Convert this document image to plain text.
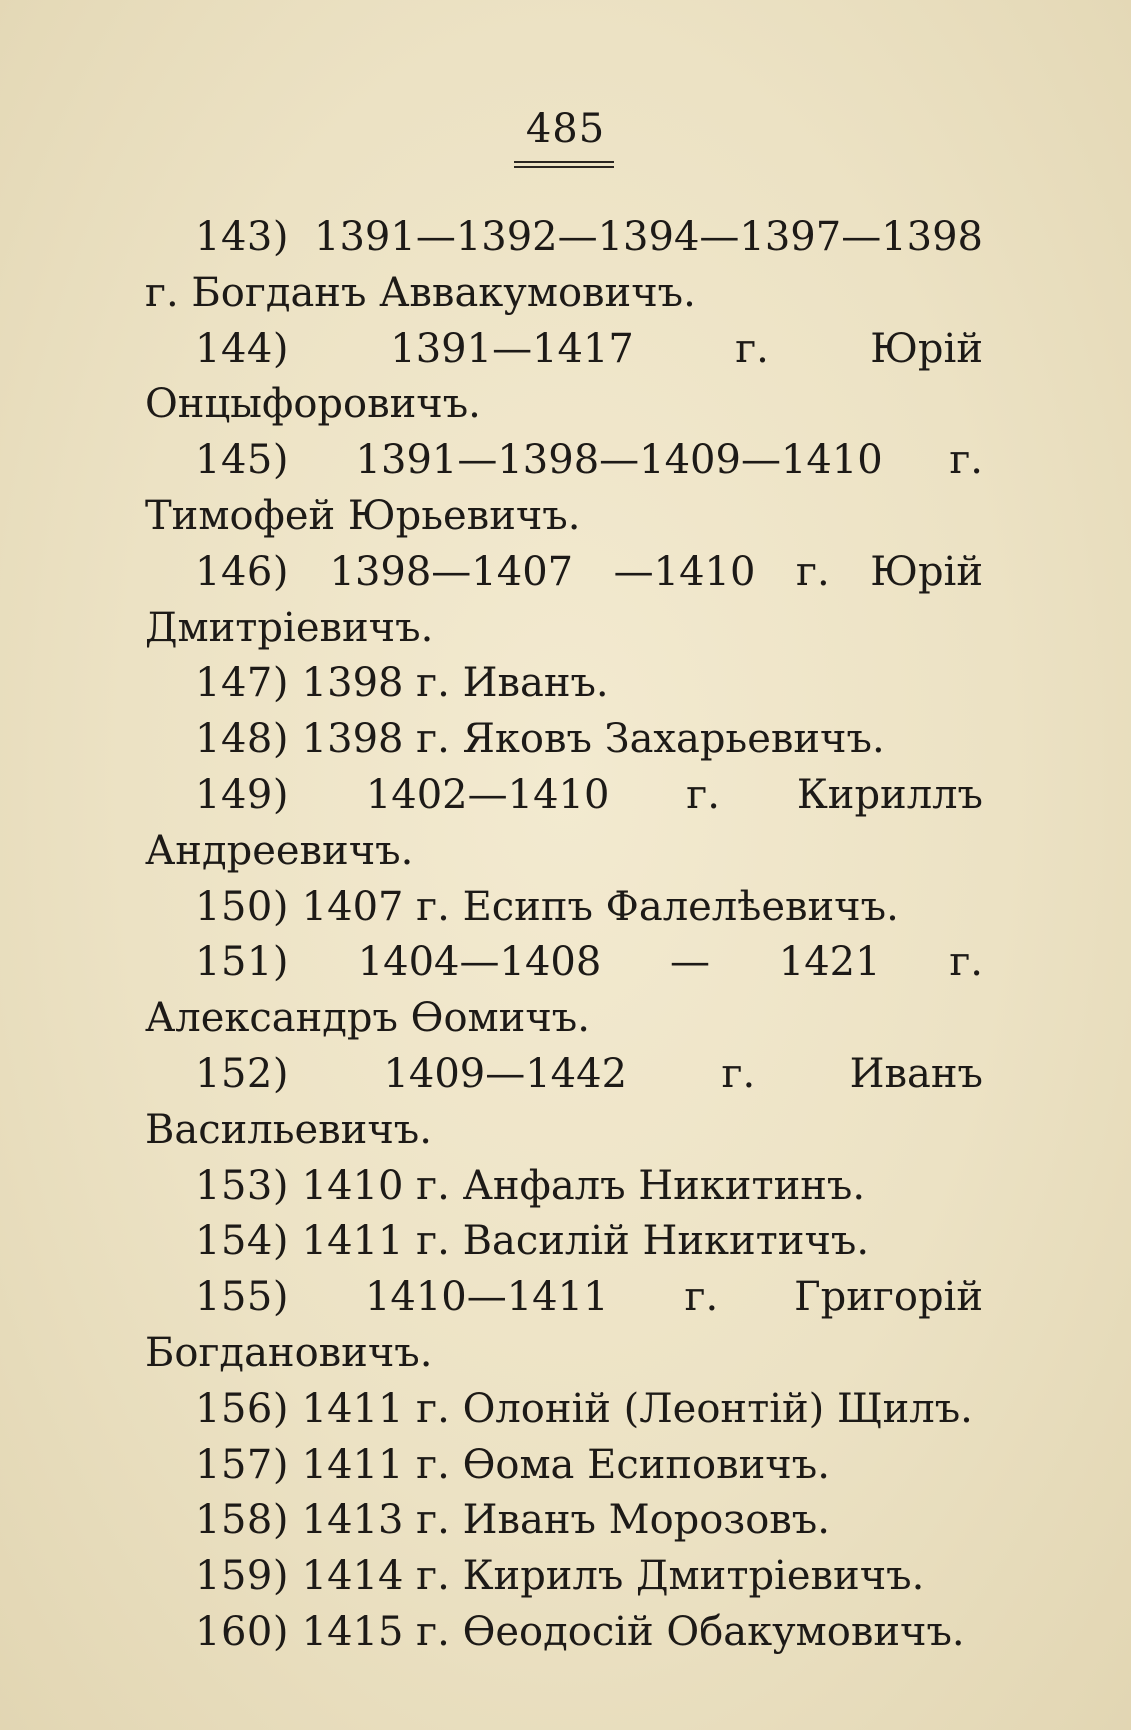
485

143) 1391—1392—1394—1397—1398 г. Богданъ Аввакумовичъ.

144)	1391—1417 г. Юрій Онцыфоровичъ.

145) 1391—1398—1409—1410 г. Тимофей Юрьевичъ.

146) 1398—1407 —1410 г. Юрій Дмитріевичъ.

147) 1398 г. Иванъ.

148) 1398 г. Яковъ Захарьевичъ.

149) 1402—1410 г. Кириллъ Андреевичъ.

150) 1407 г. Есипъ Фалелѣевичъ.

151) 1404—1408 — 1421 г. Александръ Ѳомичъ.

152) 1409—1442 г. Иванъ Васильевичъ.

153) 1410 г. Анфалъ Никитинъ.

154) 1411 г. Василій Никитичъ.

155) 1410—1411 г. Григорій Богдановичъ.

156) 1411 г. Олоній (Леонтій) Щилъ.

157) 1411 г. Ѳома Есиповичъ.

158) 1413 г. Иванъ Морозовъ.

159) 1414 г. Кирилъ Дмитріевичъ.

160) 1415 г. Ѳеодосій Обакумовичъ.
